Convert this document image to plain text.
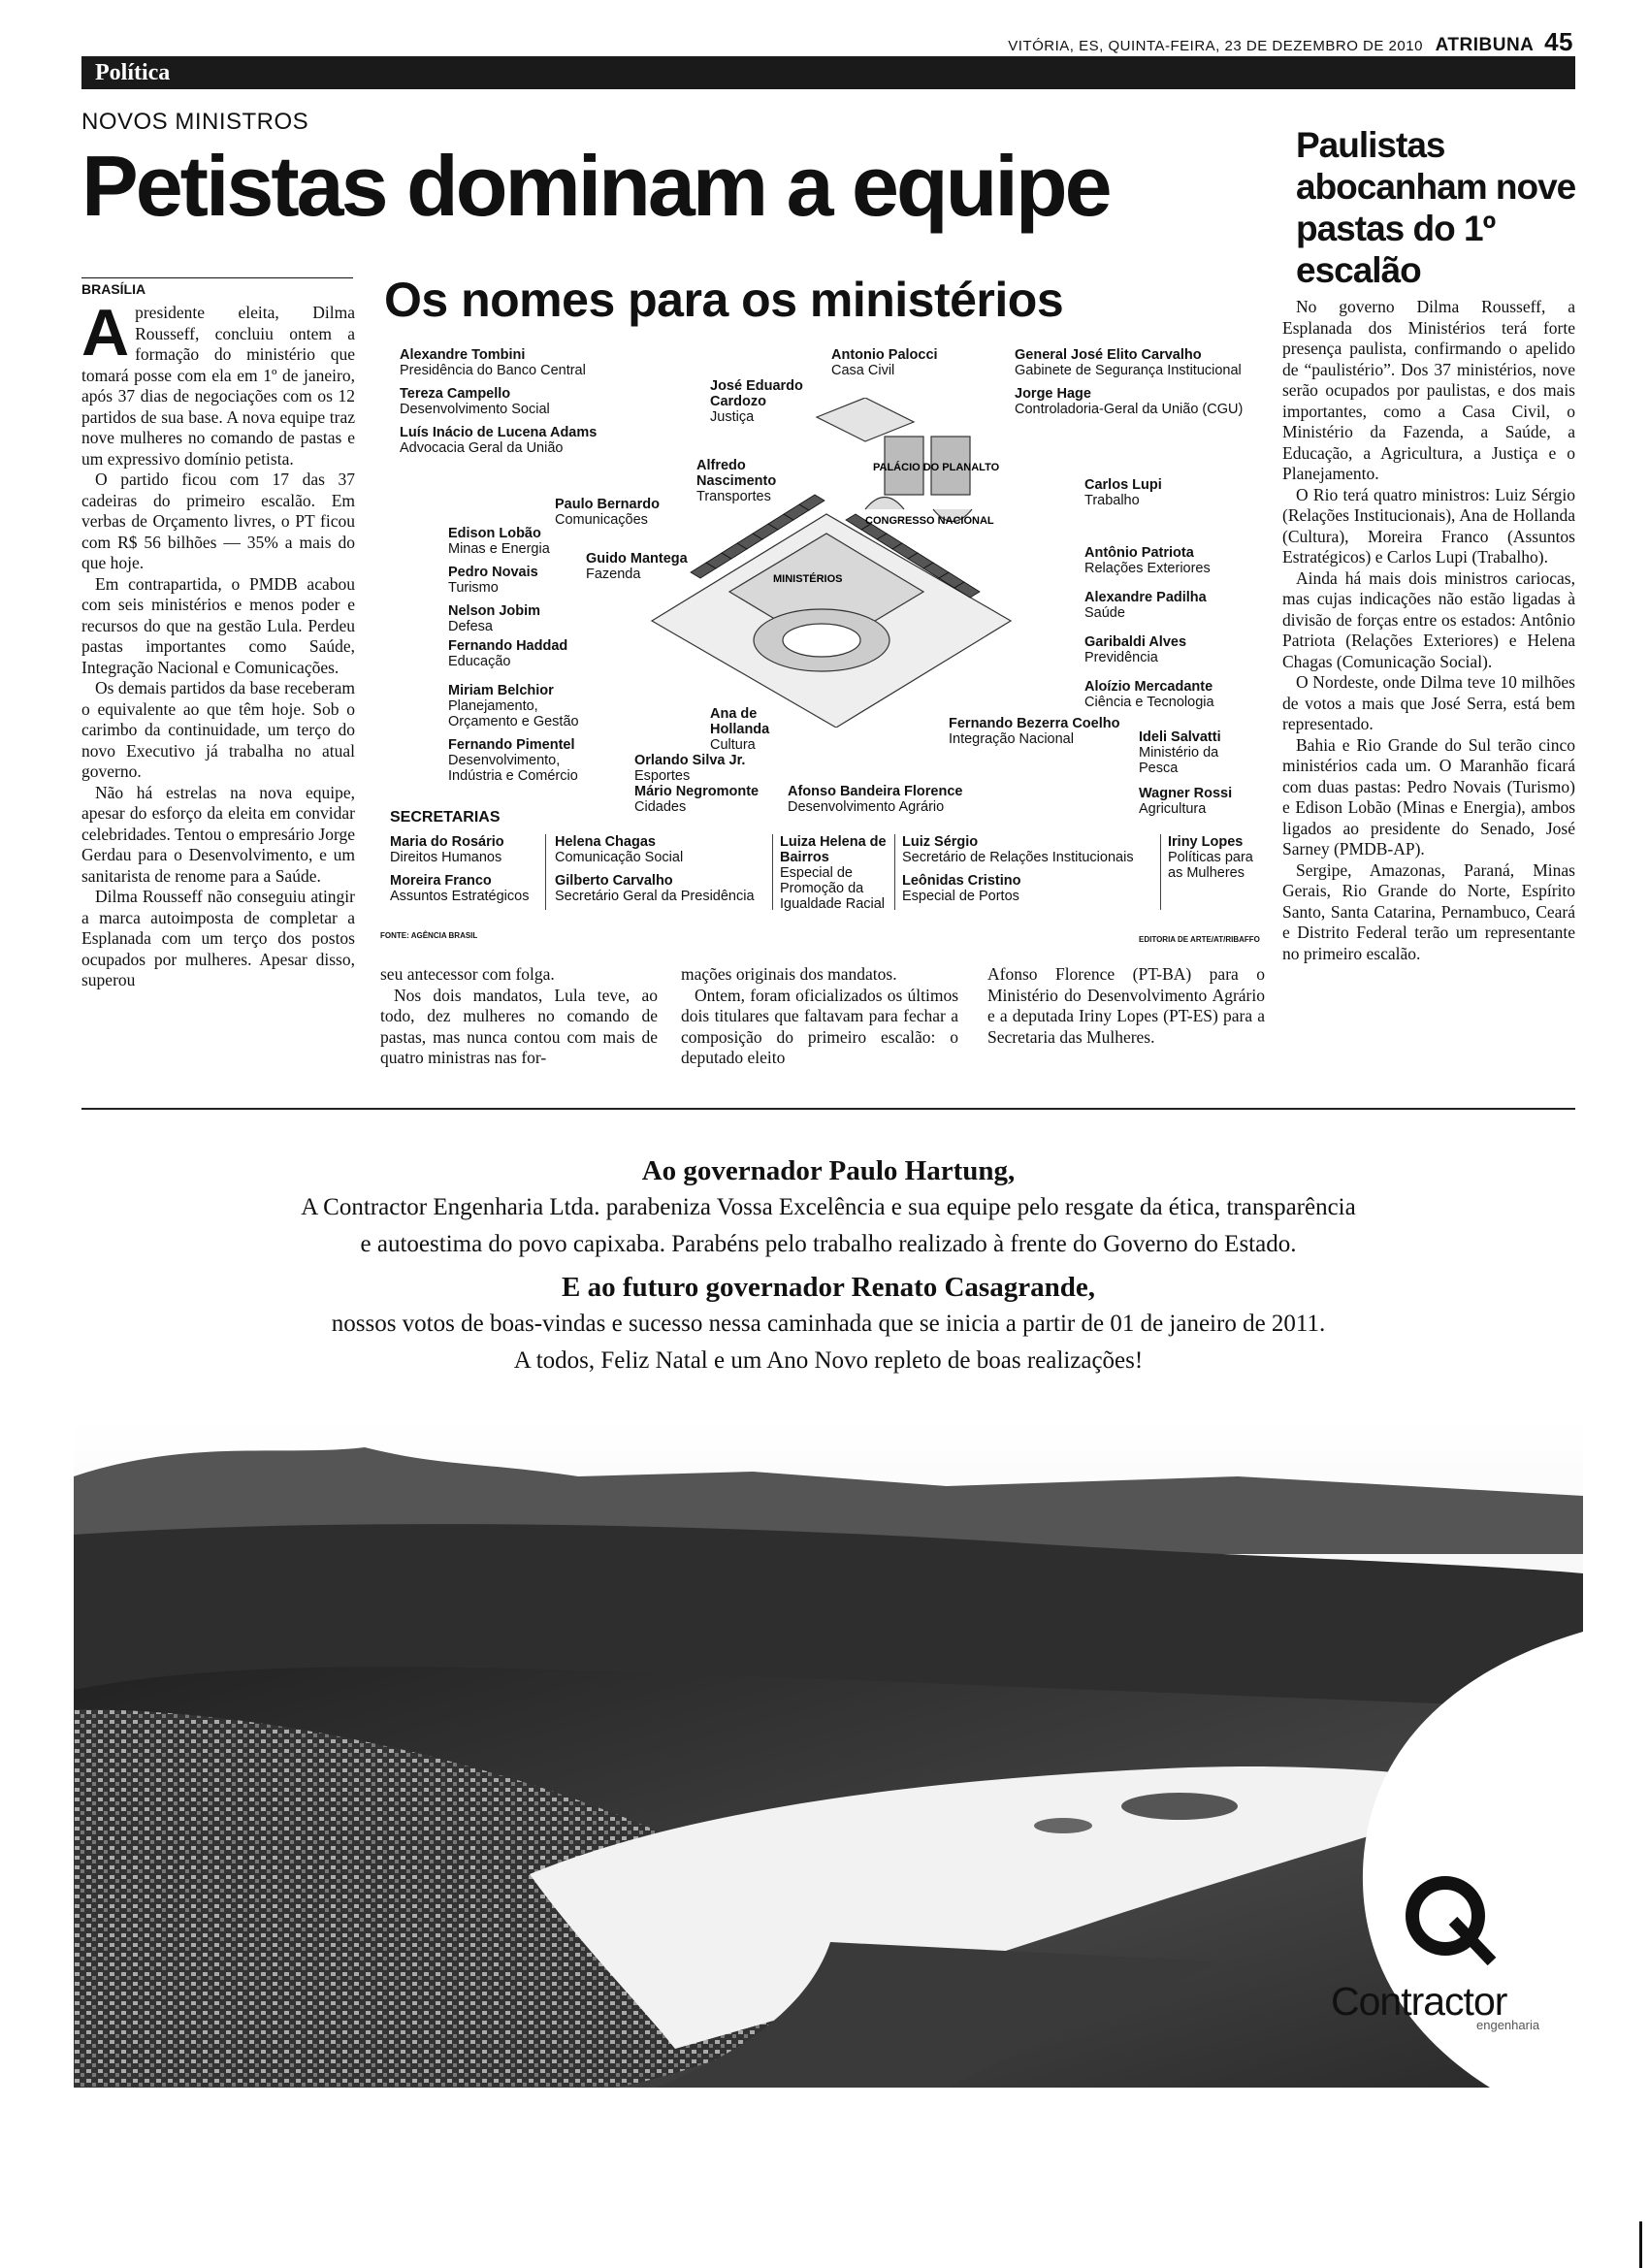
VITÓRIA, ES, QUINTA-FEIRA, 23 DE DEZEMBRO DE 2010 ATRIBUNA 45
Política
NOVOS MINISTROS
Petistas dominam a equipe
BRASÍLIA

Apresidente eleita, Dilma Rousseff, concluiu ontem a formação do ministério que tomará posse com ela em 1º de janeiro, após 37 dias de negociações com os 12 partidos de sua base. A nova equipe traz nove mulheres no comando de pastas e um expressivo domínio petista.

O partido ficou com 17 das 37 cadeiras do primeiro escalão. Em verbas de Orçamento livres, o PT ficou com R$ 56 bilhões — 35% a mais do que hoje.

Em contrapartida, o PMDB acabou com seis ministérios e menos poder e recursos do que na gestão Lula. Perdeu pastas importantes como Saúde, Integração Nacional e Comunicações.

Os demais partidos da base receberam o equivalente ao que têm hoje. Sob o carimbo da continuidade, um terço do novo Executivo já trabalha no atual governo.

Não há estrelas na nova equipe, apesar do esforço da eleita em convidar celebridades. Tentou o empresário Jorge Gerdau para o Desenvolvimento, e um sanitarista de renome para a Saúde.

Dilma Rousseff não conseguiu atingir a marca autoimposta de completar a Esplanada com um terço dos postos ocupados por mulheres. Apesar disso, superou	seu antecessor com folga.

Nos dois mandatos, Lula teve, ao todo, dez mulheres no comando de pastas, mas nunca contou com mais de quatro ministras nas for-

mações originais dos mandatos.

Ontem, foram oficializados os últimos dois titulares que faltavam para fechar a composição do primeiro escalão: o deputado eleito

Afonso Florence (PT-BA) para o Ministério do Desenvolvimento Agrário e a deputada Iriny Lopes (PT-ES) para a Secretaria das Mulheres.

Paulistas abocanham nove pastas do 1º escalão

No governo Dilma Rousseff, a Esplanada dos Ministérios terá forte presença paulista, confirmando o apelido de “paulistério”. Dos 37 ministérios, nove serão ocupados por paulistas, e dos mais importantes, como a Casa Civil, o Ministério da Fazenda, a Saúde, a Educação, a Agricultura, a Justiça e o Planejamento.

O Rio terá quatro ministros: Luiz Sérgio (Relações Institucionais), Ana de Hollanda (Cultura), Moreira Franco (Assuntos Estratégicos) e Carlos Lupi (Trabalho).

Ainda há mais dois ministros cariocas, mas cujas indicações não estão ligadas à divisão de forças entre os estados: Antônio Patriota (Relações Exteriores) e Helena Chagas (Comunicação Social).

O Nordeste, onde Dilma teve 10 milhões de votos a mais que José Serra, está bem representado.

Bahia e Rio Grande do Sul terão cinco ministérios cada um. O Maranhão ficará com duas pastas: Pedro Novais (Turismo) e Edison Lobão (Minas e Energia), ambos ligados ao presidente do Senado, José Sarney (PMDB-AP).

Sergipe, Amazonas, Paraná, Minas Gerais, Rio Grande do Norte, Espírito Santo, Santa Catarina, Pernambuco, Ceará e Distrito Federal terão um representante no primeiro escalão.

Os nomes para os ministérios
PALÁCIO DO PLANALTO
CONGRESSO NACIONAL
MINISTÉRIOS
Alexandre Tombini
Presidência do Banco Central
Tereza Campello
Desenvolvimento Social
Luís Inácio de Lucena Adams
Advocacia Geral da União
José Eduardo Cardozo
Justiça
Antonio Palocci
Casa Civil
General José Elito Carvalho
Gabinete de Segurança Institucional
Jorge Hage
Controladoria-Geral da União (CGU)
Alfredo Nascimento
Transportes
Paulo Bernardo
Comunicações
Edison Lobão
Minas e Energia
Guido Mantega
Fazenda
Pedro Novais
Turismo
Nelson Jobim
Defesa
Fernando Haddad
Educação
Miriam Belchior
Planejamento, Orçamento e Gestão
Fernando Pimentel
Desenvolvimento, Indústria e Comércio
Ana de Hollanda
Cultura
Orlando Silva Jr.
Esportes
Mário Negromonte
Cidades
Afonso Bandeira Florence
Desenvolvimento Agrário
Carlos Lupi
Trabalho
Antônio Patriota
Relações Exteriores
Alexandre Padilha
Saúde
Garibaldi Alves
Previdência
Aloízio Mercadante
Ciência e Tecnologia
Fernando Bezerra Coelho
Integração Nacional	Ideli Salvatti
Ministério da Pesca
Wagner Rossi
Agricultura
SECRETARIAS
Maria do Rosário
Direitos Humanos
Moreira Franco
Assuntos Estratégicos
Helena Chagas
Comunicação Social
Gilberto Carvalho
Secretário Geral da Presidência
Luiza Helena de Bairros
Especial de Promoção da Igualdade Racial
Luiz Sérgio
Secretário de Relações Institucionais
Leônidas Cristino
Especial de Portos
Iriny Lopes
Políticas para as Mulheres
FONTE: AGÊNCIA BRASIL	EDITORIA DE ARTE/AT/RIBAFFO
Ao governador Paulo Hartung,
A Contractor Engenharia Ltda. parabeniza Vossa Excelência e sua equipe pelo resgate da ética, transparência
e autoestima do povo capixaba. Parabéns pelo trabalho realizado à frente do Governo do Estado.
E ao futuro governador Renato Casagrande,
nossos votos de boas-vindas e sucesso nessa caminhada que se inicia a partir de 01 de janeiro de 2011.
A todos, Feliz Natal e um Ano Novo repleto de boas realizações!
Contractor
engenharia
